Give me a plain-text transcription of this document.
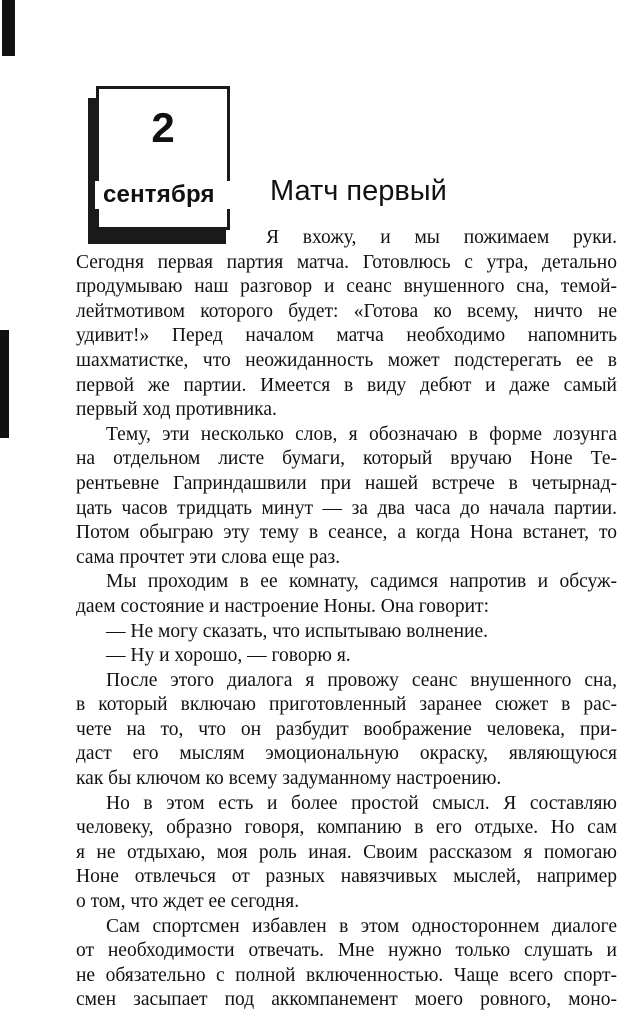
2
сентября	Матч первый
Я вхожу, и мы пожимаем руки.
Сегодня первая партия матча. Готовлюсь с утра, детально
продумываю наш разговор и сеанс внушенного сна, темой-
лейтмотивом которого будет: «Готова ко всему, ничто не
удивит!» Перед началом матча необходимо напомнить
шахматистке, что неожиданность может подстерегать ее в
первой же партии. Имеется в виду дебют и даже самый
первый ход противника.
Тему, эти несколько слов, я обозначаю в форме лозунга
на отдельном листе бумаги, который вручаю Ноне Те-
рентьевне Гаприндашвили при нашей встрече в четырнад-
цать часов тридцать минут — за два часа до начала партии.
Потом обыграю эту тему в сеансе, а когда Нона встанет, то
сама прочтет эти слова еще раз.
Мы проходим в ее комнату, садимся напротив и обсуж-
даем состояние и настроение Ноны. Она говорит:
— Не могу сказать, что испытываю волнение.
— Ну и хорошо, — говорю я.
После этого диалога я провожу сеанс внушенного сна,
в который включаю приготовленный заранее сюжет в рас-
чете на то, что он разбудит воображение человека, при-
даст его мыслям эмоциональную окраску, являющуюся
как бы ключом ко всему задуманному настроению.
Но в этом есть и более простой смысл. Я составляю
человеку, образно говоря, компанию в его отдыхе. Но сам
я не отдыхаю, моя роль иная. Своим рассказом я помогаю
Ноне отвлечься от разных навязчивых мыслей, например
о том, что ждет ее сегодня.
Сам спортсмен избавлен в этом одностороннем диалоге
от необходимости отвечать. Мне нужно только слушать и
не обязательно с полной включенностью. Чаще всего спорт-
смен засыпает под аккомпанемент моего ровного, моно-
